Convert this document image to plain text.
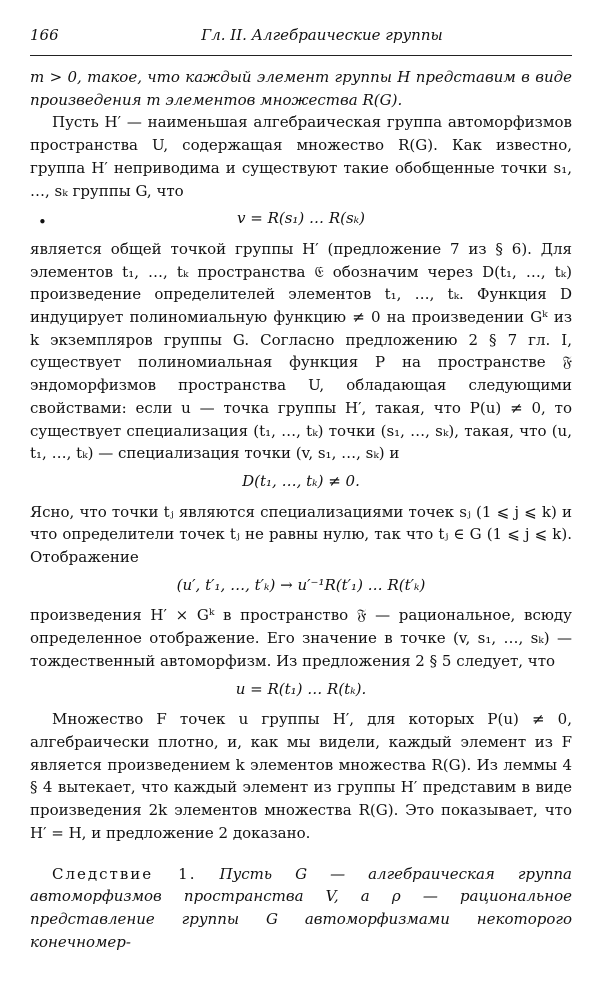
166	Гл. II. Алгебраические группы

m > 0, такое, что каждый элемент группы H представим в виде произведения m элементов множества R(G).

Пусть H′ — наименьшая алгебраическая группа автоморфизмов пространства U, содержащая множество R(G). Как известно, группа H′ неприводима и существуют такие обобщенные точки s₁, …, sₖ группы G, что

•	v = R(s₁) … R(sₖ)

является общей точкой группы H′ (предложение 7 из § 6). Для элементов t₁, …, tₖ пространства 𝔈 обозначим через D(t₁, …, tₖ) произведение определителей элементов t₁, …, tₖ. Функция D индуцирует полиномиальную функцию ≠ 0 на произведении Gᵏ из k экземпляров группы G. Согласно предложению 2 § 7 гл. I, существует полиномиальная функция P на пространстве 𝔉 эндоморфизмов пространства U, обладающая следующими свойствами: если u — точка группы H′, такая, что P(u) ≠ 0, то существует специализация (t₁, …, tₖ) точки (s₁, …, sₖ), такая, что (u, t₁, …, tₖ) — специализация точки (v, s₁, …, sₖ) и

D(t₁, …, tₖ) ≠ 0.

Ясно, что точки tⱼ являются специализациями точек sⱼ (1 ⩽ j ⩽ k) и что определители точек tⱼ не равны нулю, так что tⱼ ∈ G (1 ⩽ j ⩽ k). Отображение

(u′, t′₁, …, t′ₖ) → u′⁻¹R(t′₁) … R(t′ₖ)

произведения H′ × Gᵏ в пространство 𝔉 — рациональное, всюду определенное отображение. Его значение в точке (v, s₁, …, sₖ) — тождественный автоморфизм. Из предложения 2 § 5 следует, что

u = R(t₁) … R(tₖ).

Множество F точек u группы H′, для которых P(u) ≠ 0, алгебраически плотно, и, как мы видели, каждый элемент из F является произведением k элементов множества R(G). Из леммы 4 § 4 вытекает, что каждый элемент из группы H′ представим в виде произведения 2k элементов множества R(G). Это показывает, что H′ = H, и предложение 2 доказано.

Следствие 1. Пусть G — алгебраическая группа автоморфизмов пространства V, а ρ — рациональное представление группы G автоморфизмами некоторого конечномер-
